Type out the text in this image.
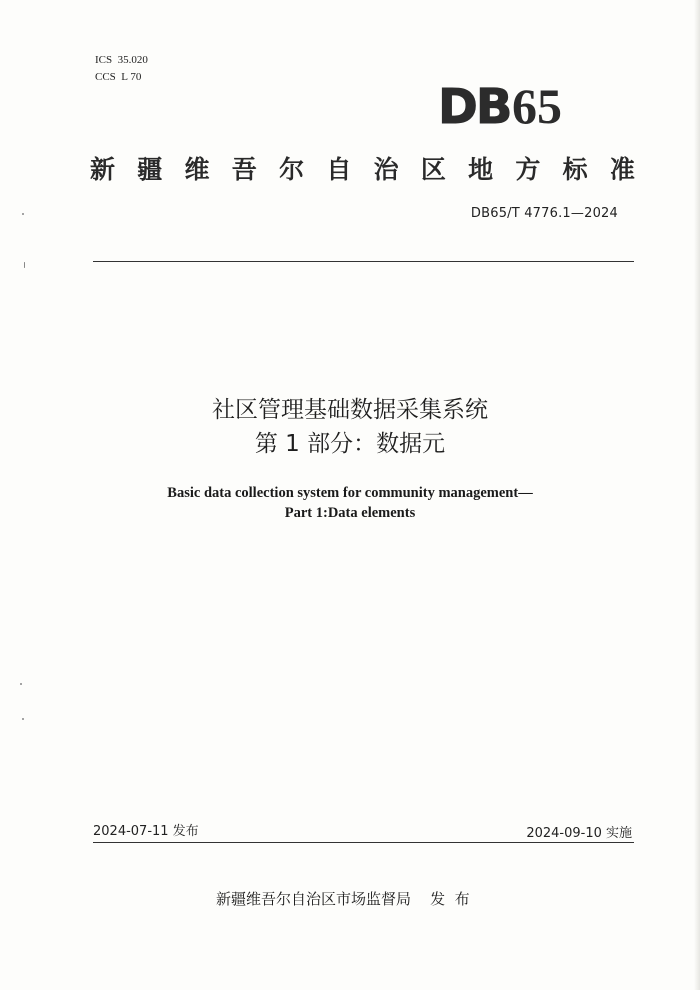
ICS  35.020
CCS  L 70
DB 65
新 疆 维 吾 尔 自 治 区 地 方 标 准
DB65/T 4776.1—2024
社区管理基础数据采集系统
第 1 部分：数据元
Basic data collection system for community management—
Part 1:Data elements
2024-07-11 发布	2024-09-10 实施
新疆维吾尔自治区市场监督局    发  布
